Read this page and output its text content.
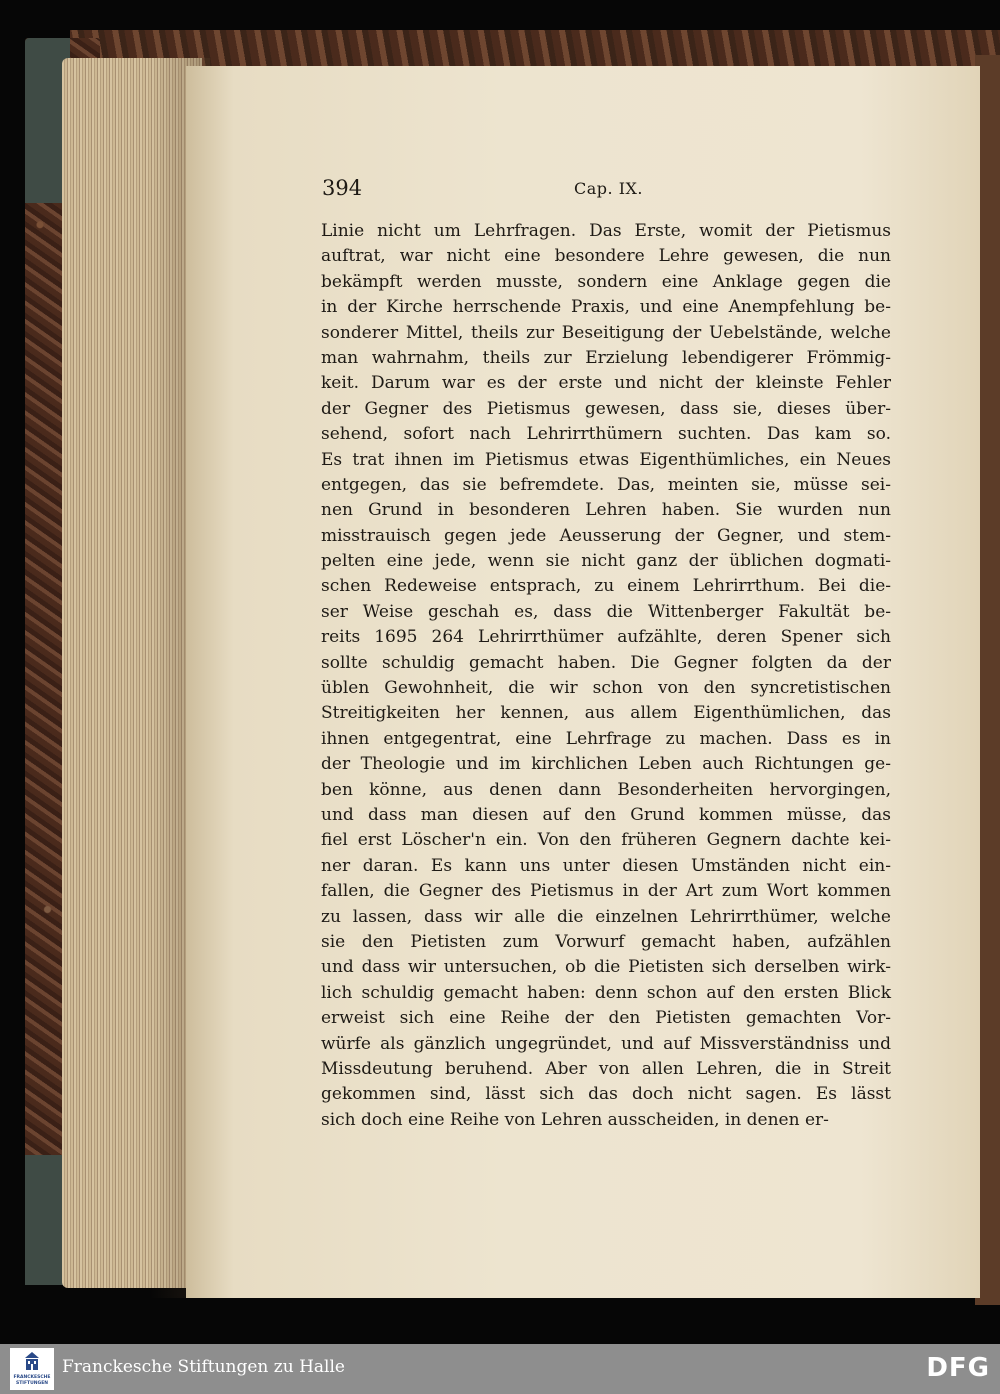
394	Cap. IX.
Linie nicht um Lehrfragen. Das Erste, womit der Pietismus
auftrat, war nicht eine besondere Lehre gewesen, die nun
bekämpft werden musste, sondern eine Anklage gegen die
in der Kirche herrschende Praxis, und eine Anempfehlung be-
sonderer Mittel, theils zur Beseitigung der Uebelstände, welche
man wahrnahm, theils zur Erzielung lebendigerer Frömmig-
keit. Darum war es der erste und nicht der kleinste Fehler
der Gegner des Pietismus gewesen, dass sie, dieses über-
sehend, sofort nach Lehrirrthümern suchten. Das kam so.
Es trat ihnen im Pietismus etwas Eigenthümliches, ein Neues
entgegen, das sie befremdete. Das, meinten sie, müsse sei-
nen Grund in besonderen Lehren haben. Sie wurden nun
misstrauisch gegen jede Aeusserung der Gegner, und stem-
pelten eine jede, wenn sie nicht ganz der üblichen dogmati-
schen Redeweise entsprach, zu einem Lehrirrthum. Bei die-
ser Weise geschah es, dass die Wittenberger Fakultät be-
reits 1695 264 Lehrirrthümer aufzählte, deren Spener sich
sollte schuldig gemacht haben. Die Gegner folgten da der
üblen Gewohnheit, die wir schon von den syncretistischen
Streitigkeiten her kennen, aus allem Eigenthümlichen, das
ihnen entgegentrat, eine Lehrfrage zu machen. Dass es in
der Theologie und im kirchlichen Leben auch Richtungen ge-
ben könne, aus denen dann Besonderheiten hervorgingen,
und dass man diesen auf den Grund kommen müsse, das
fiel erst Löscher'n ein. Von den früheren Gegnern dachte kei-
ner daran. Es kann uns unter diesen Umständen nicht ein-
fallen, die Gegner des Pietismus in der Art zum Wort kommen
zu lassen, dass wir alle die einzelnen Lehrirrthümer, welche
sie den Pietisten zum Vorwurf gemacht haben, aufzählen
und dass wir untersuchen, ob die Pietisten sich derselben wirk-
lich schuldig gemacht haben: denn schon auf den ersten Blick
erweist sich eine Reihe der den Pietisten gemachten Vor-
würfe als gänzlich ungegründet, und auf Missverständniss und
Missdeutung beruhend. Aber von allen Lehren, die in Streit
gekommen sind, lässt sich das doch nicht sagen. Es lässt
sich doch eine Reihe von Lehren ausscheiden, in denen er-
FRANCKESCHE
STIFTUNGEN
Franckesche Stiftungen zu Halle	DFG
